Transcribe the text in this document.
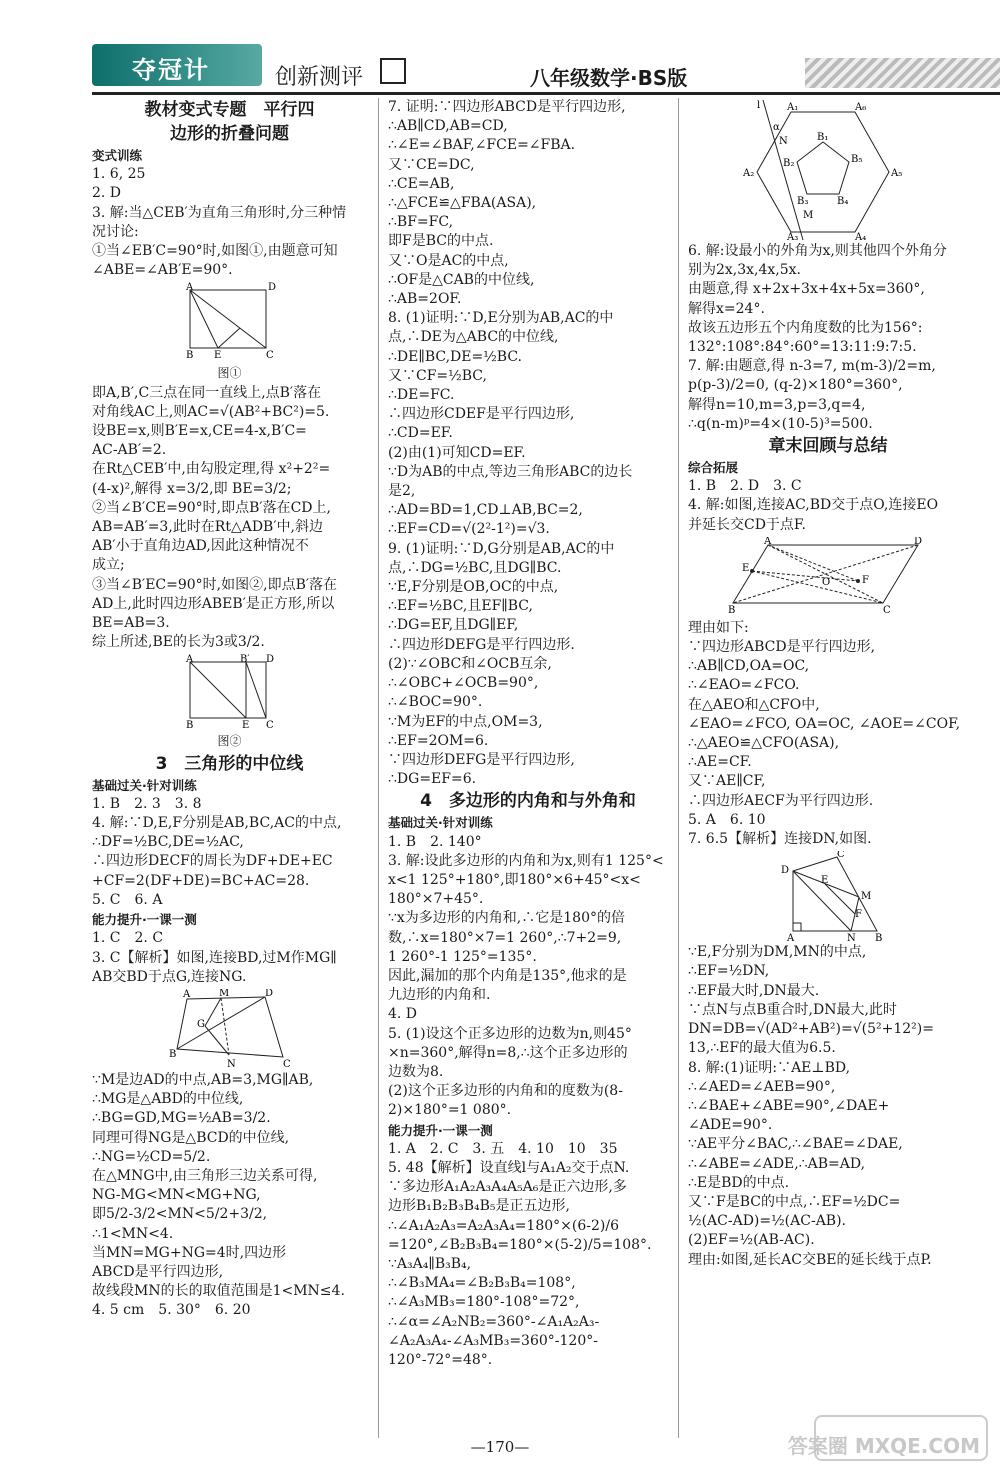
夺冠计	创新测评	八年级数学·BS版
教材变式专题　平行四
边形的折叠问题
变式训练
1. 6, 25
2. D
3. 解:当△CEB′为直角三角形时,分三种情
况讨论:
①当∠EB′C=90°时,如图①,由题意可知
∠ABE=∠AB′E=90°.
A	D
B E	C
图①
即A,B′,C三点在同一直线上,点B′落在
对角线AC上,则AC=√(AB²+BC²)=5.
设BE=x,则B′E=x,CE=4-x,B′C=
AC-AB′=2.
在Rt△CEB′中,由勾股定理,得 x²+2²=
(4-x)²,解得 x=3/2,即 BE=3/2;
②当∠B′CE=90°时,即点B′落在CD上,
AB=AB′=3,此时在Rt△ADB′中,斜边
AB′小于直角边AD,因此这种情况不
成立;
③当∠B′EC=90°时,如图②,即点B′落在
AD上,此时四边形ABEB′是正方形,所以
BE=AB=3.
综上所述,BE的长为3或3/2.
A	B′ D
B	E C
图②
3　三角形的中位线
基础过关·针对训练
1. B　2. 3　3. 8
4. 解:∵D,E,F分别是AB,BC,AC的中点,
∴DF=½BC,DE=½AC,
∴四边形DECF的周长为DF+DE+EC
+CF=2(DF+DE)=BC+AC=28.
5. C　6. A
能力提升·一课一测
1. C　2. C
3. C【解析】如图,连接BD,过M作MG∥
AB交BD于点G,连接NG.
A	M	D
G
B
N	C
∵M是边AD的中点,AB=3,MG∥AB,
∴MG是△ABD的中位线,
∴BG=GD,MG=½AB=3/2.
同理可得NG是△BCD的中位线,
∴NG=½CD=5/2.
在△MNG中,由三角形三边关系可得,
NG-MG<MN<MG+NG,
即5/2-3/2<MN<5/2+3/2,
∴1<MN<4.
当MN=MG+NG=4时,四边形
ABCD是平行四边形,
故线段MN的长的取值范围是1<MN≤4.
4. 5 cm　5. 30°　6. 20
7. 证明:∵四边形ABCD是平行四边形,
∴AB∥CD,AB=CD,
∴∠E=∠BAF,∠FCE=∠FBA.
又∵CE=DC,
∴CE=AB,
∴△FCE≌△FBA(ASA),
∴BF=FC,
即F是BC的中点.
又∵O是AC的中点,
∴OF是△CAB的中位线,
∴AB=2OF.
8. (1)证明:∵D,E分别为AB,AC的中
点,∴DE为△ABC的中位线,
∴DE∥BC,DE=½BC.
又∵CF=½BC,
∴DE=FC.
∴四边形CDEF是平行四边形,
∴CD=EF.
(2)由(1)可知CD=EF.
∵D为AB的中点,等边三角形ABC的边长
是2,
∴AD=BD=1,CD⊥AB,BC=2,
∴EF=CD=√(2²-1²)=√3.
9. (1)证明:∵D,G分别是AB,AC的中
点,∴DG=½BC,且DG∥BC.
∵E,F分别是OB,OC的中点,
∴EF=½BC,且EF∥BC,
∴DG=EF,且DG∥EF,
∴四边形DEFG是平行四边形.
(2)∵∠OBC和∠OCB互余,
∴∠OBC+∠OCB=90°,
∴∠BOC=90°.
∵M为EF的中点,OM=3,
∴EF=2OM=6.
∵四边形DEFG是平行四边形,
∴DG=EF=6.
4　多边形的内角和与外角和
基础过关·针对训练
1. B　2. 140°
3. 解:设此多边形的内角和为x,则有1 125°<
x<1 125°+180°,即180°×6+45°<x<
180°×7+45°.
∵x为多边形的内角和,∴它是180°的倍
数,∴x=180°×7=1 260°,∴7+2=9,
1 260°-1 125°=135°.
因此,漏加的那个内角是135°,他求的是
九边形的内角和.
4. D
5. (1)设这个正多边形的边数为n,则45°
×n=360°,解得n=8,∴这个正多边形的
边数为8.
(2)这个正多边形的内角和的度数为(8-
2)×180°=1 080°.
能力提升·一课一测
1. A　2. C　3. 五　4. 10　10　35
5. 48【解析】设直线l与A₁A₂交于点N.
∵多边形A₁A₂A₃A₄A₅A₆是正六边形,多
边形B₁B₂B₃B₄B₅是正五边形,
∴∠A₁A₂A₃=A₂A₃A₄=180°×(6-2)/6
=120°,∠B₂B₃B₄=180°×(5-2)/5=108°.
∵A₃A₄∥B₃B₄,
∴∠B₃MA₄=∠B₂B₃B₄=108°,
∴∠A₃MB₃=180°-108°=72°,
∴∠α=∠A₂NB₂=360°-∠A₁A₂A₃-
∠A₂A₃A₄-∠A₃MB₃=360°-120°-
120°-72°=48°.
l	A₁	A₆
A₂	A₅
A₃	A₄
B₁
B₂	B₅
B₃	B₄
α
N
M
6. 解:设最小的外角为x,则其他四个外角分
别为2x,3x,4x,5x.
由题意,得 x+2x+3x+4x+5x=360°,
解得x=24°.
故该五边形五个内角度数的比为156°:
132°:108°:84°:60°=13:11:9:7:5.
7. 解:由题意,得 n-3=7, m(m-3)/2=m,
p(p-3)/2=0, (q-2)×180°=360°,
解得n=10,m=3,p=3,q=4,
∴q(n-m)ᵖ=4×(10-5)³=500.
章末回顾与总结
综合拓展
1. B　2. D　3. C
4. 解:如图,连接AC,BD交于点O,连接EO
并延长交CD于点F.
A	D
E
O	F
B	C
理由如下:
∵四边形ABCD是平行四边形,
∴AB∥CD,OA=OC,
∴∠EAO=∠FCO.
在△AEO和△CFO中,
∠EAO=∠FCO, OA=OC, ∠AOE=∠COF,
∴△AEO≌△CFO(ASA),
∴AE=CF.
又∵AE∥CF,
∴四边形AECF为平行四边形.
5. A　6. 10
7. 6.5【解析】连接DN,如图.
C
D
E
M
F
A	N B
∵E,F分别为DM,MN的中点,
∴EF=½DN,
∴EF最大时,DN最大.
∵点N与点B重合时,DN最大,此时
DN=DB=√(AD²+AB²)=√(5²+12²)=
13,∴EF的最大值为6.5.
8. 解:(1)证明:∵AE⊥BD,
∴∠AED=∠AEB=90°,
∴∠BAE+∠ABE=90°,∠DAE+
∠ADE=90°.
∵AE平分∠BAC,∴∠BAE=∠DAE,
∴∠ABE=∠ADE,∴AB=AD,
∴E是BD的中点.
又∵F是BC的中点,∴EF=½DC=
½(AC-AD)=½(AC-AB).
(2)EF=½(AB-AC).
理由:如图,延长AC交BE的延长线于点P.
—170—	答案圈 MXQE.COM
